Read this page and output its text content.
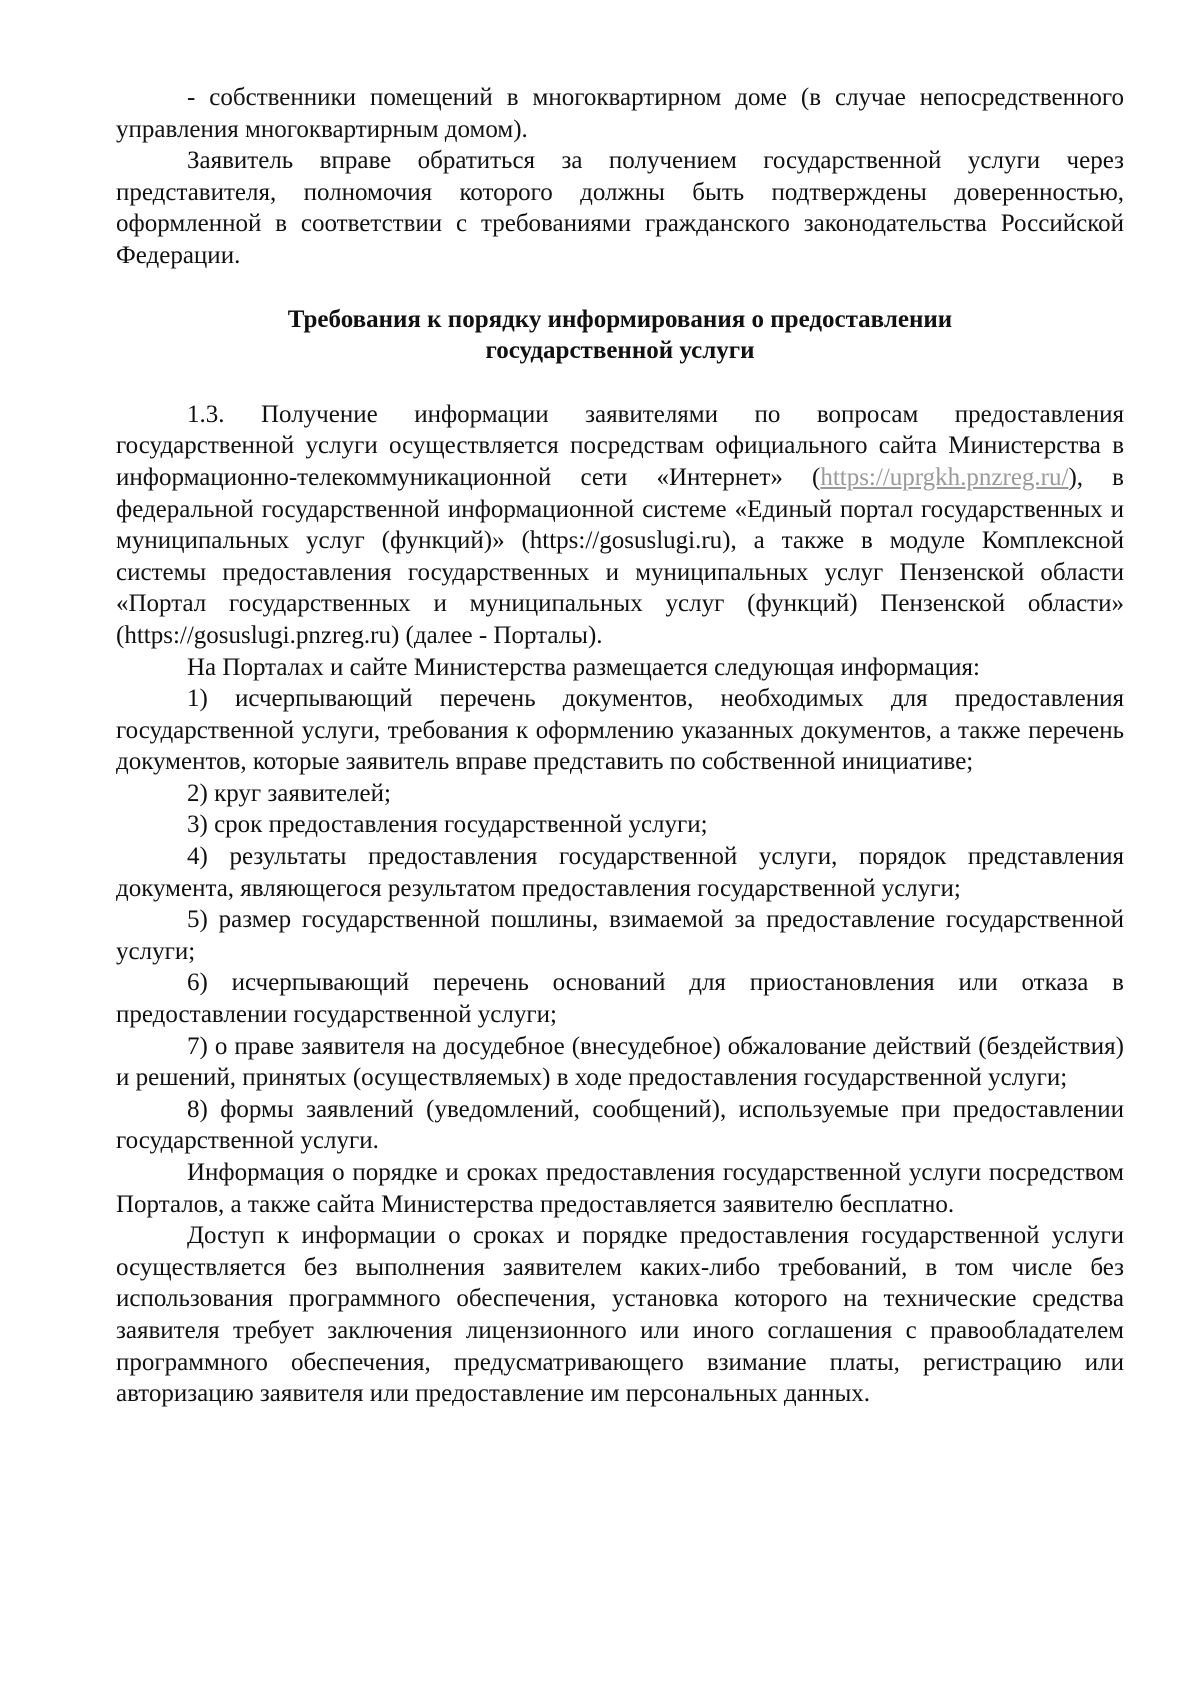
- собственники помещений в многоквартирном доме (в случае непосредственного управления многоквартирным домом).

Заявитель вправе обратиться за получением государственной услуги через представителя, полномочия которого должны быть подтверждены доверенностью, оформленной в соответствии с требованиями гражданского законодательства Российской Федерации.

Требования к порядку информирования о предоставлении
государственной услуги

1.3. Получение информации заявителями по вопросам предоставления государственной услуги осуществляется посредствам официального сайта Министерства в информационно-телекоммуникационной сети «Интернет» (https://uprgkh.pnzreg.ru/), в федеральной государственной информационной системе «Единый портал государственных и муниципальных услуг (функций)» (https://gosuslugi.ru), а также в модуле Комплексной системы предоставления государственных и муниципальных услуг Пензенской области «Портал государственных и муниципальных услуг (функций) Пензенской области» (https://gosuslugi.pnzreg.ru) (далее - Порталы).

На Порталах и сайте Министерства размещается следующая информация:

1) исчерпывающий перечень документов, необходимых для предоставления государственной услуги, требования к оформлению указанных документов, а также перечень документов, которые заявитель вправе представить по собственной инициативе;

2) круг заявителей;

3) срок предоставления государственной услуги;

4) результаты предоставления государственной услуги, порядок представления документа, являющегося результатом предоставления государственной услуги;

5) размер государственной пошлины, взимаемой за предоставление государственной услуги;

6) исчерпывающий перечень оснований для приостановления или отказа в предоставлении государственной услуги;

7) о праве заявителя на досудебное (внесудебное) обжалование действий (бездействия) и решений, принятых (осуществляемых) в ходе предоставления государственной услуги;

8) формы заявлений (уведомлений, сообщений), используемые при предоставлении государственной услуги.

Информация о порядке и сроках предоставления государственной услуги посредством Порталов, а также сайта Министерства предоставляется заявителю бесплатно.

Доступ к информации о сроках и порядке предоставления государственной услуги осуществляется без выполнения заявителем каких-либо требований, в том числе без использования программного обеспечения, установка которого на технические средства заявителя требует заключения лицензионного или иного соглашения с правообладателем программного обеспечения, предусматривающего взимание платы, регистрацию или авторизацию заявителя или предоставление им персональных данных.
